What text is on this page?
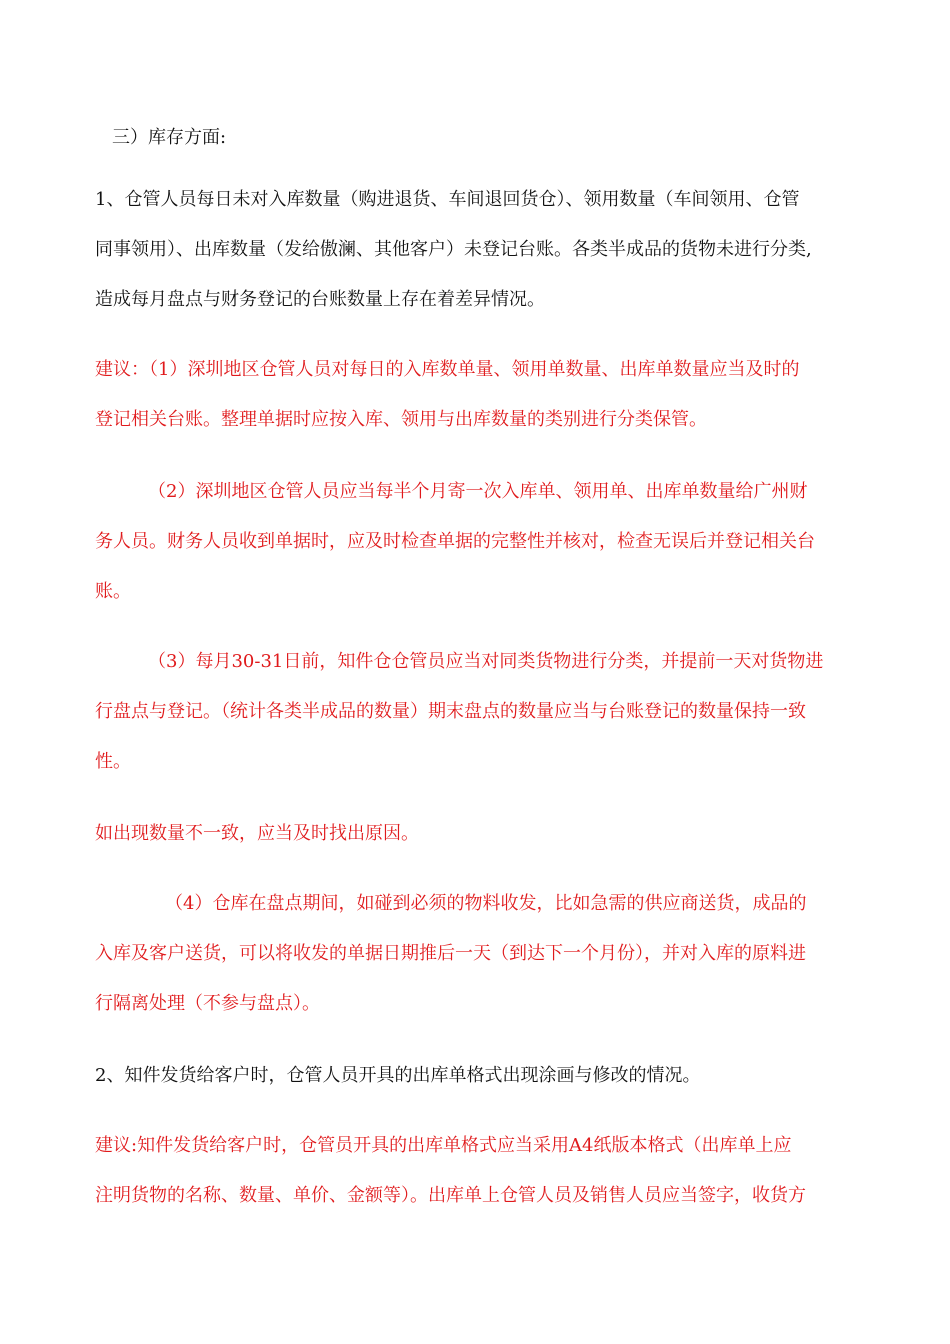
三）库存方面:
1、仓管人员每日未对入库数量（购进退货、车间退回货仓）、领用数量（车间领用、仓管
同事领用）、出库数量（发给傲澜、其他客户）未登记台账。各类半成品的货物未进行分类,
造成每月盘点与财务登记的台账数量上存在着差异情况。
建议：（1）深圳地区仓管人员对每日的入库数单量、领用单数量、出库单数量应当及时的
登记相关台账。整理单据时应按入库、领用与出库数量的类别进行分类保管。
（2）深圳地区仓管人员应当每半个月寄一次入库单、领用单、出库单数量给广州财
务人员。财务人员收到单据时，应及时检查单据的完整性并核对，检查无误后并登记相关台
账。
（3）每月30-31日前，知件仓仓管员应当对同类货物进行分类，并提前一天对货物进
行盘点与登记。（统计各类半成品的数量）期末盘点的数量应当与台账登记的数量保持一致
性。
如出现数量不一致，应当及时找出原因。
（4）仓库在盘点期间，如碰到必须的物料收发，比如急需的供应商送货，成品的
入库及客户送货，可以将收发的单据日期推后一天（到达下一个月份），并对入库的原料进
行隔离处理（不参与盘点）。
2、知件发货给客户时，仓管人员开具的出库单格式出现涂画与修改的情况。
建议:知件发货给客户时，仓管员开具的出库单格式应当采用A4纸版本格式（出库单上应
注明货物的名称、数量、单价、金额等）。出库单上仓管人员及销售人员应当签字，收货方
